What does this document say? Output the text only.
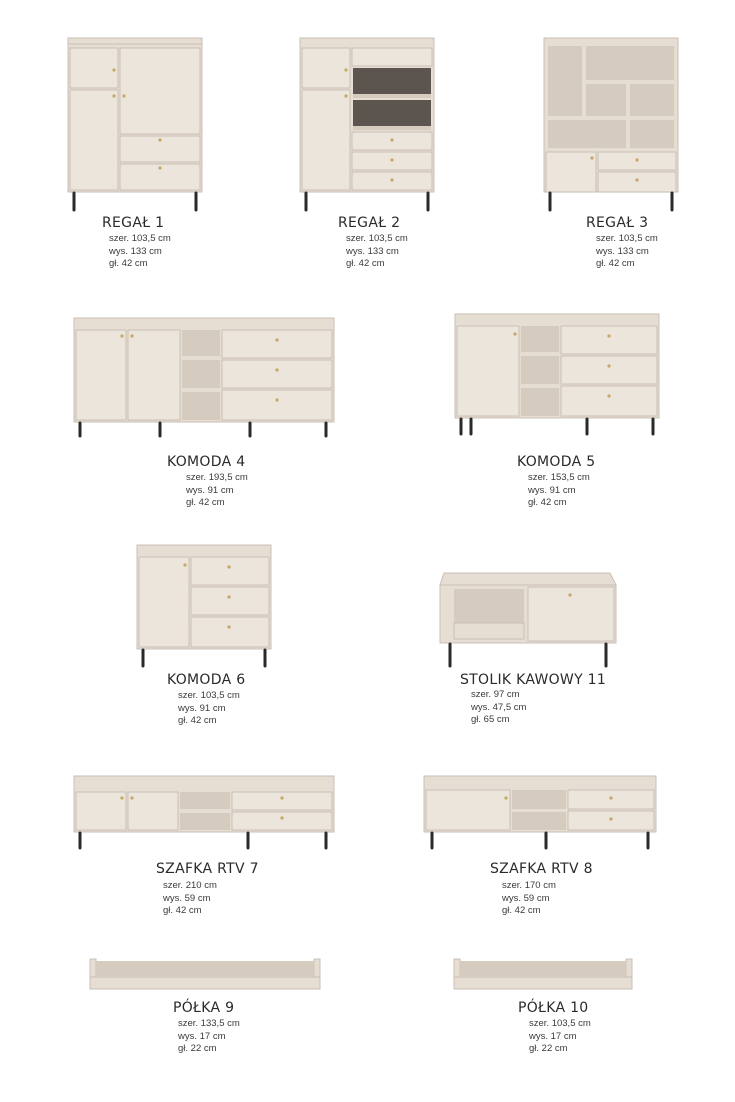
REGAŁ 1
szer. 103,5 cm
wys. 133 cm
gł. 42 cm
REGAŁ 2
szer. 103,5 cm
wys. 133 cm
gł. 42 cm
REGAŁ 3
szer. 103,5 cm
wys. 133 cm
gł. 42 cm
KOMODA 4
szer. 193,5 cm
wys. 91 cm
gł. 42 cm
KOMODA 5
szer. 153,5 cm
wys. 91 cm
gł. 42 cm
KOMODA 6
szer. 103,5 cm
wys. 91 cm
gł. 42 cm
STOLIK KAWOWY 11
szer. 97 cm
wys. 47,5 cm
gł. 65 cm
SZAFKA RTV 7
szer. 210 cm
wys. 59 cm
gł. 42 cm
SZAFKA RTV 8
szer. 170 cm
wys. 59 cm
gł. 42 cm
PÓŁKA 9
szer. 133,5 cm
wys. 17 cm
gł. 22 cm
PÓŁKA 10
szer. 103,5 cm
wys. 17 cm
gł. 22 cm
